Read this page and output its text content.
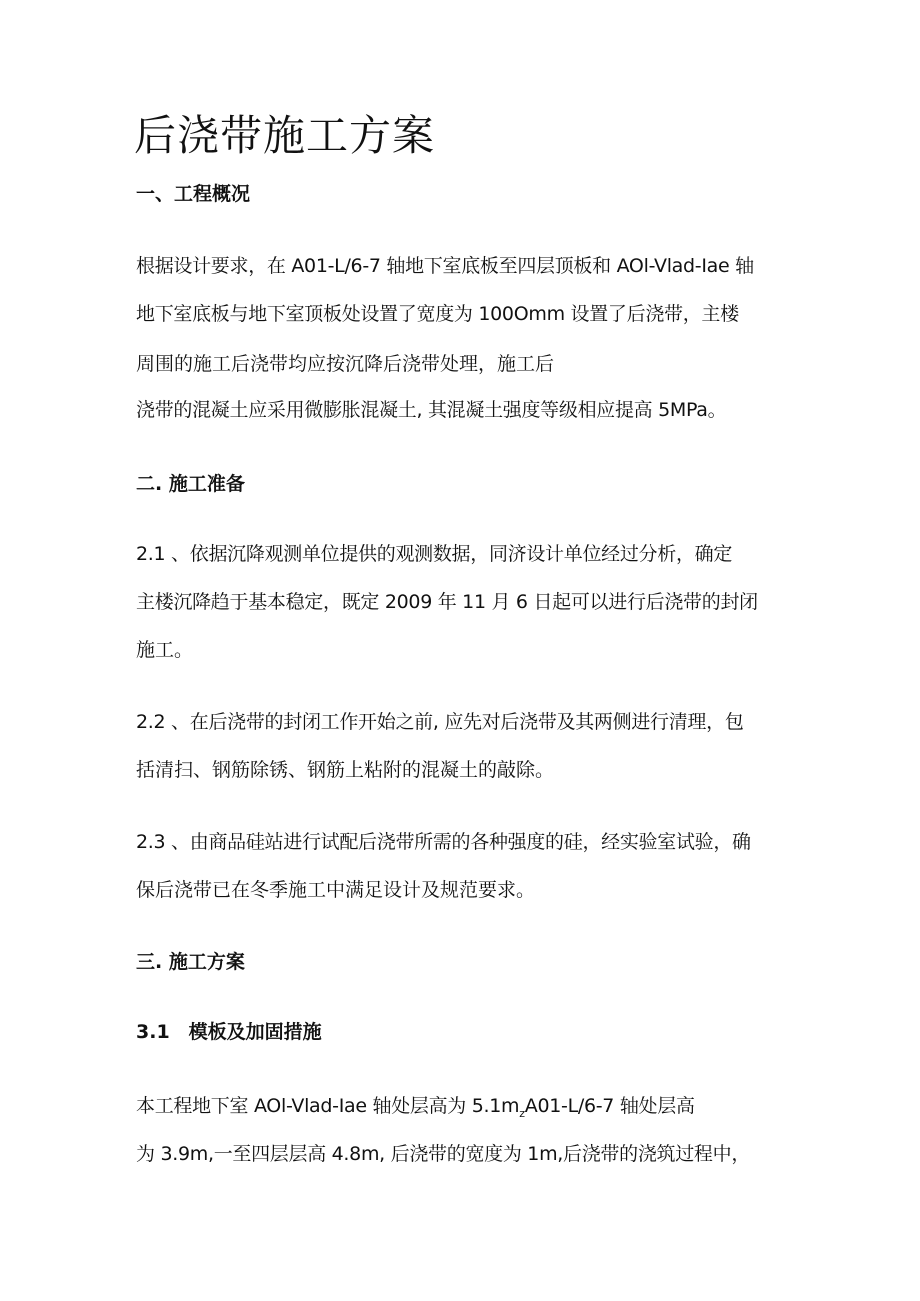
后浇带施工方案
一、工程概况
根据设计要求，在 A01-L/6-7 轴地下室底板至四层顶板和 AOl-Vlad-Iae 轴
地下室底板与地下室顶板处设置了宽度为 100Omm 设置了后浇带，主楼
周围的施工后浇带均应按沉降后浇带处理，施工后
浇带的混凝土应采用微膨胀混凝土, 其混凝土强度等级相应提高 5MPa。
二. 施工准备
2.1 、依据沉降观测单位提供的观测数据，同济设计单位经过分析，确定
主楼沉降趋于基本稳定，既定 2009 年 11 月 6 日起可以进行后浇带的封闭
施工。
2.2 、在后浇带的封闭工作开始之前, 应先对后浇带及其两侧进行清理，包
括清扫、钢筋除锈、钢筋上粘附的混凝土的敲除。
2.3 、由商品硅站进行试配后浇带所需的各种强度的硅，经实验室试验，确
保后浇带已在冬季施工中满足设计及规范要求。
三. 施工方案
3.1　模板及加固措施
本工程地下室 AOl-Vlad-Iae 轴处层高为 $5.1m_zA01-L/6-7$ 轴处层高
为 3.9m,一至四层层高 4.8m, 后浇带的宽度为 1m,后浇带的浇筑过程中，
